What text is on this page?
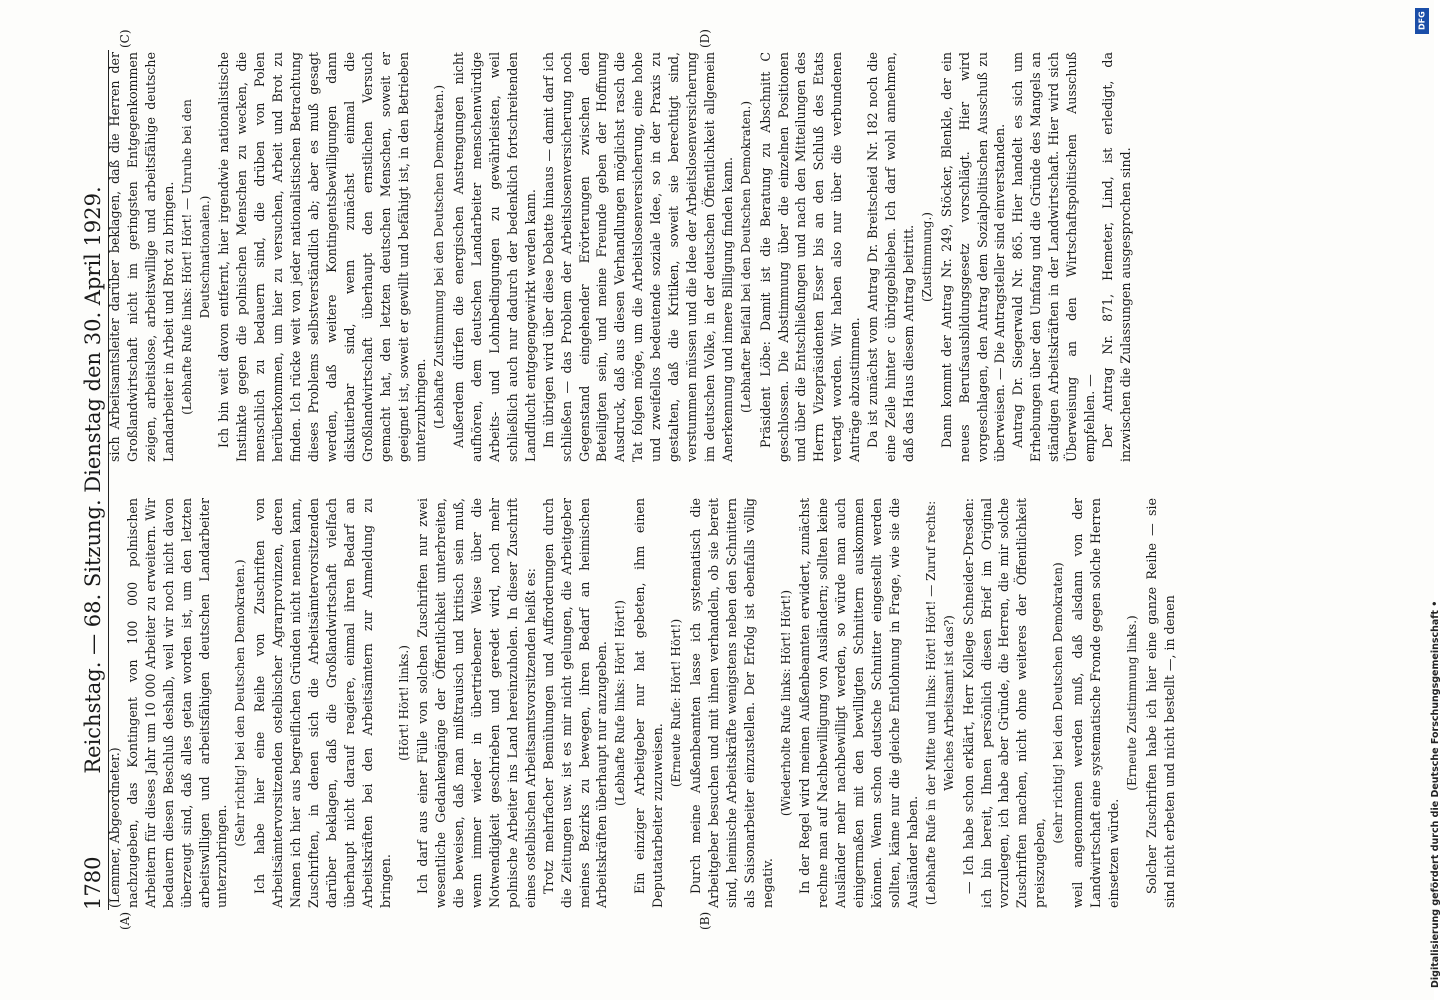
1780
Reichstag. — 68. Sitzung. Dienstag den 30. April 1929.
(A)	(B)
(C)	(D)

(Lemmer, Abgeordneter.) nachzugeben, das Kontingent von 100 000 polnischen Arbeitern für dieses Jahr um 10 000 Arbeiter zu erweitern. Wir bedauern diesen Beschluß deshalb, weil wir noch nicht davon überzeugt sind, daß alles getan worden ist, um den letzten arbeitswilligen und arbeitsfähigen deutschen Landarbeiter unterzubringen.

(Sehr richtig! bei den Deutschen Demokraten.) Ich habe hier eine Reihe von Zuschriften von Arbeitsämtervorsitzenden ostelbischer Agrarprovinzen, deren Namen ich hier aus begreiflichen Gründen nicht nennen kann, Zuschriften, in denen sich die Arbeitsämtervorsitzenden darüber beklagen, daß die Großlandwirtschaft vielfach überhaupt nicht darauf reagiere, einmal ihren Bedarf an Arbeitskräften bei den Arbeitsämtern zur Anmeldung zu bringen.

(Hört! Hört! links.) Ich darf aus einer Fülle von solchen Zuschriften nur zwei wesentliche Gedankengänge der Öffentlichkeit unterbreiten, die beweisen, daß man mißtrauisch und kritisch sein muß, wenn immer wieder in übertriebener Weise über die Notwendigkeit geschrieben und geredet wird, noch mehr polnische Arbeiter ins Land hereinzuholen. In dieser Zuschrift eines ostelbischen Arbeitsamtsvorsitzenden heißt es: Trotz mehrfacher Bemühungen und Aufforderungen durch die Zeitungen usw. ist es mir nicht gelungen, die Arbeitgeber meines Bezirks zu bewegen, ihren Bedarf an heimischen Arbeitskräften überhaupt nur anzugeben. (Lebhafte Rufe links: Hört! Hört!) Ein einziger Arbeitgeber nur hat gebeten, ihm einen Deputatarbeiter zuzuweisen.

(Erneute Rufe: Hört! Hört!) Durch meine Außenbeamten lasse ich systematisch die Arbeitgeber besuchen und mit ihnen verhandeln, ob sie bereit sind, heimische Arbeitskräfte wenigstens neben den Schnittern als Saisonarbeiter einzustellen. Der Erfolg ist ebenfalls völlig negativ.

(Wiederholte Rufe links: Hört! Hört!) In der Regel wird meinen Außenbeamten erwidert, zunächst rechne man auf Nachbewilligung von Ausländern; sollten keine Ausländer mehr nachbewilligt werden, so würde man auch einigermaßen mit den bewilligten Schnittern auskommen können. Wenn schon deutsche Schnitter eingestellt werden sollten, käme nur die gleiche Entlohnung in Frage, wie sie die Ausländer haben. (Lebhafte Rufe in der Mitte und links: Hört! Hört! — Zuruf rechts: Welches Arbeitsamt ist das?) — Ich habe schon erklärt, Herr Kollege Schneider-Dresden: ich bin bereit, Ihnen persönlich diesen Brief im Original vorzulegen, ich habe aber Gründe, die Herren, die mir solche Zuschriften machen, nicht ohne weiteres der Öffentlichkeit preiszugeben,

(sehr richtig! bei den Deutschen Demokraten) weil angenommen werden muß, daß alsdann von der Landwirtschaft eine systematische Fronde gegen solche Herren einsetzen würde.

(Erneute Zustimmung links.) Solcher Zuschriften habe ich hier eine ganze Reihe — sie sind nicht erbeten und nicht bestellt —, in denen

sich Arbeitsamtsleiter darüber beklagen, daß die Herren der Großlandwirtschaft nicht im geringsten Entgegenkommen zeigen, arbeitslose, arbeitswillige und arbeitsfähige deutsche Landarbeiter in Arbeit und Brot zu bringen. (Lebhafte Rufe links: Hört! Hört! — Unruhe bei den Deutschnationalen.) Ich bin weit davon entfernt, hier irgendwie nationalistische Instinkte gegen die polnischen Menschen zu wecken, die menschlich zu bedauern sind, die drüben von Polen herüberkommen, um hier zu versuchen, Arbeit und Brot zu finden. Ich rücke weit von jeder nationalistischen Betrachtung dieses Problems selbstverständlich ab; aber es muß gesagt werden, daß weitere Kontingentsbewilligungen dann diskutierbar sind, wenn zunächst einmal die Großlandwirtschaft überhaupt den ernstlichen Versuch gemacht hat, den letzten deutschen Menschen, soweit er geeignet ist, soweit er gewillt und befähigt ist, in den Betrieben unterzubringen. (Lebhafte Zustimmung bei den Deutschen Demokraten.) Außerdem dürfen die energischen Anstrengungen nicht aufhören, dem deutschen Landarbeiter menschenwürdige Arbeits- und Lohnbedingungen zu gewährleisten, weil schließlich auch nur dadurch der bedenklich fortschreitenden Landflucht entgegengewirkt werden kann. Im übrigen wird über diese Debatte hinaus — damit darf ich schließen — das Problem der Arbeitslosenversicherung noch Gegenstand eingehender Erörterungen zwischen den Beteiligten sein, und meine Freunde geben der Hoffnung Ausdruck, daß aus diesen Verhandlungen möglichst rasch die Tat folgen möge, um die Arbeitslosenversicherung, eine hohe und zweifellos bedeutende soziale Idee, so in der Praxis zu gestalten, daß die Kritiken, soweit sie berechtigt sind, verstummen müssen und die Idee der Arbeitslosenversicherung im deutschen Volke, in der deutschen Öffentlichkeit allgemein Anerkennung und innere Billigung finden kann. (Lebhafter Beifall bei den Deutschen Demokraten.) Präsident Löbe: Damit ist die Beratung zu Abschnitt C geschlossen. Die Abstimmung über die einzelnen Positionen und über die Entschließungen und nach den Mitteilungen des Herrn Vizepräsidenten Esser bis an den Schluß des Etats vertagt worden. Wir haben also nur über die verbundenen Anträge abzustimmen. Da ist zunächst vom Antrag Dr. Breitscheid Nr. 182 noch die eine Zeile hinter c übriggeblieben. Ich darf wohl annehmen, daß das Haus diesem Antrag beitritt. (Zustimmung.) Dann kommt der Antrag Nr. 249, Stöcker, Blenkle, der ein neues Berufsausbildungsgesetz vorschlägt. Hier wird vorgeschlagen, den Antrag dem Sozialpolitischen Ausschuß zu überweisen. — Die Antragsteller sind einverstanden. Antrag Dr. Siegerwald Nr. 865. Hier handelt es sich um Erhebungen über den Umfang und die Gründe des Mangels an ständigen Arbeitskräften in der Landwirtschaft. Hier wird sich Überweisung an den Wirtschaftspolitischen Ausschuß empfehlen. — Der Antrag Nr. 871, Hemeter, Lind, ist erledigt, da inzwischen die Zulassungen ausgesprochen sind.

DFG
Digitalisierung gefördert durch die Deutsche Forschungsgemeinschaft •
